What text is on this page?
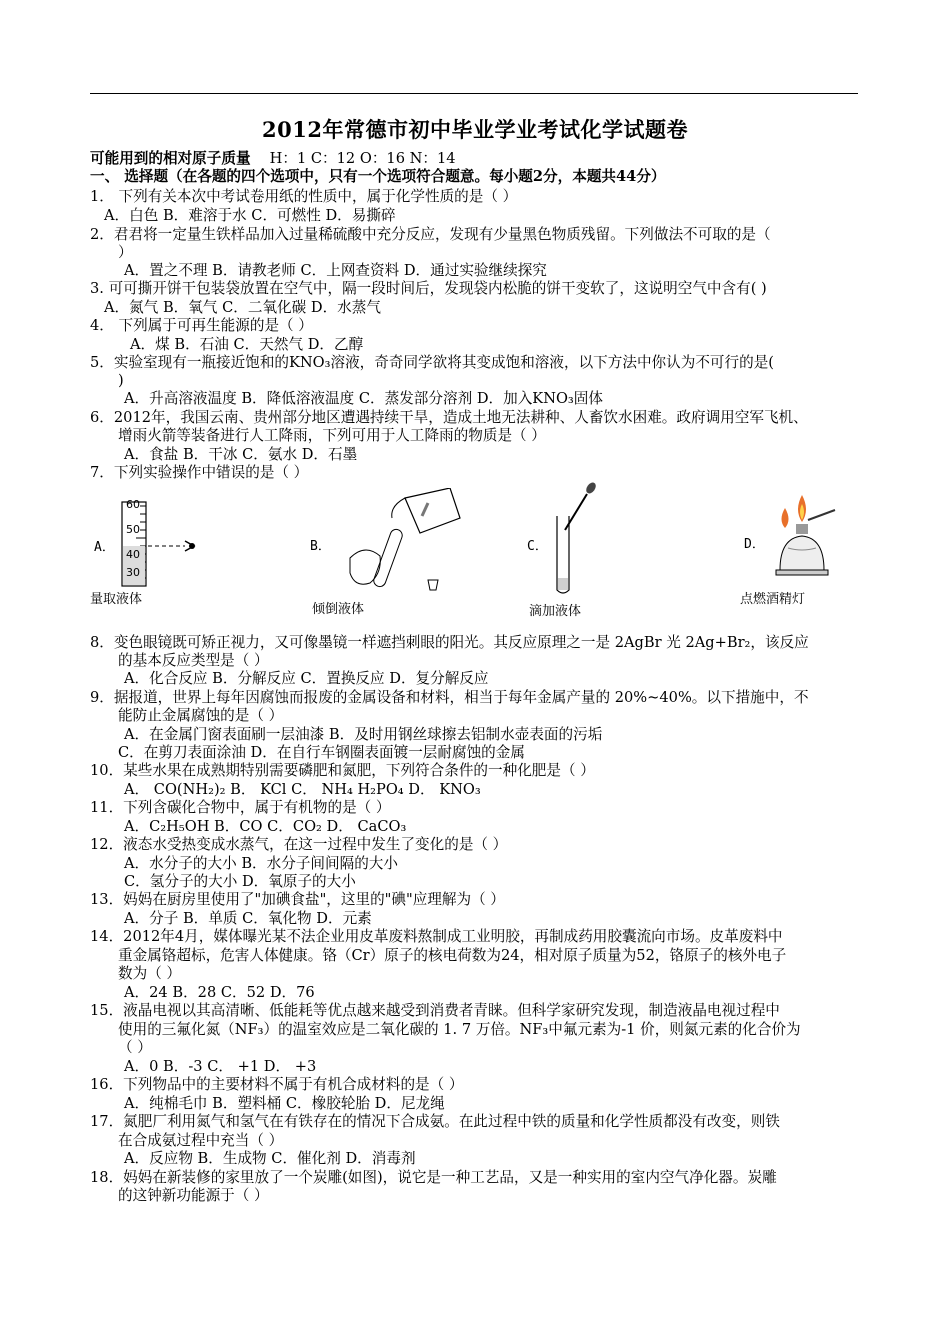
2012年常德市初中毕业学业考试化学试题卷
可能用到的相对原子质量 H：1 C：12 O：16 N：14
一、 选择题（在各题的四个选项中，只有一个选项符合题意。每小题2分，本题共44分）
1． 下列有关本次中考试卷用纸的性质中，属于化学性质的是（ ）
A．白色 B．难溶于水 C．可燃性 D．易撕碎
2．君君将一定量生铁样品加入过量稀硫酸中充分反应，发现有少量黑色物质残留。下列做法不可取的是（
）
A．置之不理 B．请教老师 C．上网查资料 D．通过实验继续探究
3. 可可撕开饼干包装袋放置在空气中，隔一段时间后，发现袋内松脆的饼干变软了，这说明空气中含有( )
A．氮气 B．氧气 C．二氧化碳 D．水蒸气
4． 下列属于可再生能源的是（ ）
A．煤 B．石油 C．天然气 D．乙醇
5．实验室现有一瓶接近饱和的KNO₃溶液，奇奇同学欲将其变成饱和溶液，以下方法中你认为不可行的是(
)
A．升高溶液温度 B．降低溶液温度 C．蒸发部分溶剂 D．加入KNO₃固体
6．2012年，我国云南、贵州部分地区遭遇持续干旱，造成土地无法耕种、人畜饮水困难。政府调用空军飞机、
增雨火箭等装备进行人工降雨，下列可用于人工降雨的物质是（ ）
A．食盐 B．干冰 C．氨水 D．石墨
7．下列实验操作中错误的是（ ）
A．
60
50
40
30
量取液体
B．
倾倒液体
C．
滴加液体
D．
点燃酒精灯
8．变色眼镜既可矫正视力，又可像墨镜一样遮挡刺眼的阳光。其反应原理之一是 2AgBr 光 2Ag+Br₂，该反应
的基本反应类型是（ ）
A．化合反应 B．分解反应 C．置换反应 D．复分解反应
9．据报道，世界上每年因腐蚀而报废的金属设备和材料，相当于每年金属产量的 20%~40%。以下措施中，不
能防止金属腐蚀的是（ ）
A．在金属门窗表面刷一层油漆 B．及时用钢丝球擦去铝制水壶表面的污垢
C．在剪刀表面涂油 D．在自行车钢圈表面镀一层耐腐蚀的金属
10．某些水果在成熟期特别需要磷肥和氮肥，下列符合条件的一种化肥是（ ）
A． CO(NH₂)₂ B． KCl C． NH₄ H₂PO₄ D． KNO₃
11．下列含碳化合物中，属于有机物的是（ ）
A．C₂H₅OH B．CO C．CO₂ D． CaCO₃
12．液态水受热变成水蒸气，在这一过程中发生了变化的是（ ）
A．水分子的大小 B．水分子间间隔的大小
C．氢分子的大小 D．氧原子的大小
13．妈妈在厨房里使用了"加碘食盐"，这里的"碘"应理解为（ ）
A．分子 B．单质 C．氧化物 D．元素
14．2012年4月，媒体曝光某不法企业用皮革废料熬制成工业明胶，再制成药用胶囊流向市场。皮革废料中
重金属铬超标，危害人体健康。铬（Cr）原子的核电荷数为24，相对原子质量为52，铬原子的核外电子
数为（ ）
A．24 B．28 C．52 D．76
15．液晶电视以其高清晰、低能耗等优点越来越受到消费者青睐。但科学家研究发现，制造液晶电视过程中
使用的三氟化氮（NF₃）的温室效应是二氧化碳的 1. 7 万倍。NF₃中氟元素为-1 价，则氮元素的化合价为
（ ）
A．0 B．-3 C． +1 D． +3
16．下列物品中的主要材料不属于有机合成材料的是（ ）
A．纯棉毛巾 B．塑料桶 C．橡胶轮胎 D．尼龙绳
17．氮肥厂利用氮气和氢气在有铁存在的情况下合成氨。在此过程中铁的质量和化学性质都没有改变，则铁
在合成氨过程中充当（ ）
A．反应物 B．生成物 C．催化剂 D．消毒剂
18．妈妈在新装修的家里放了一个炭雕(如图)，说它是一种工艺品，又是一种实用的室内空气净化器。炭雕
的这钟新功能源于（ ）
